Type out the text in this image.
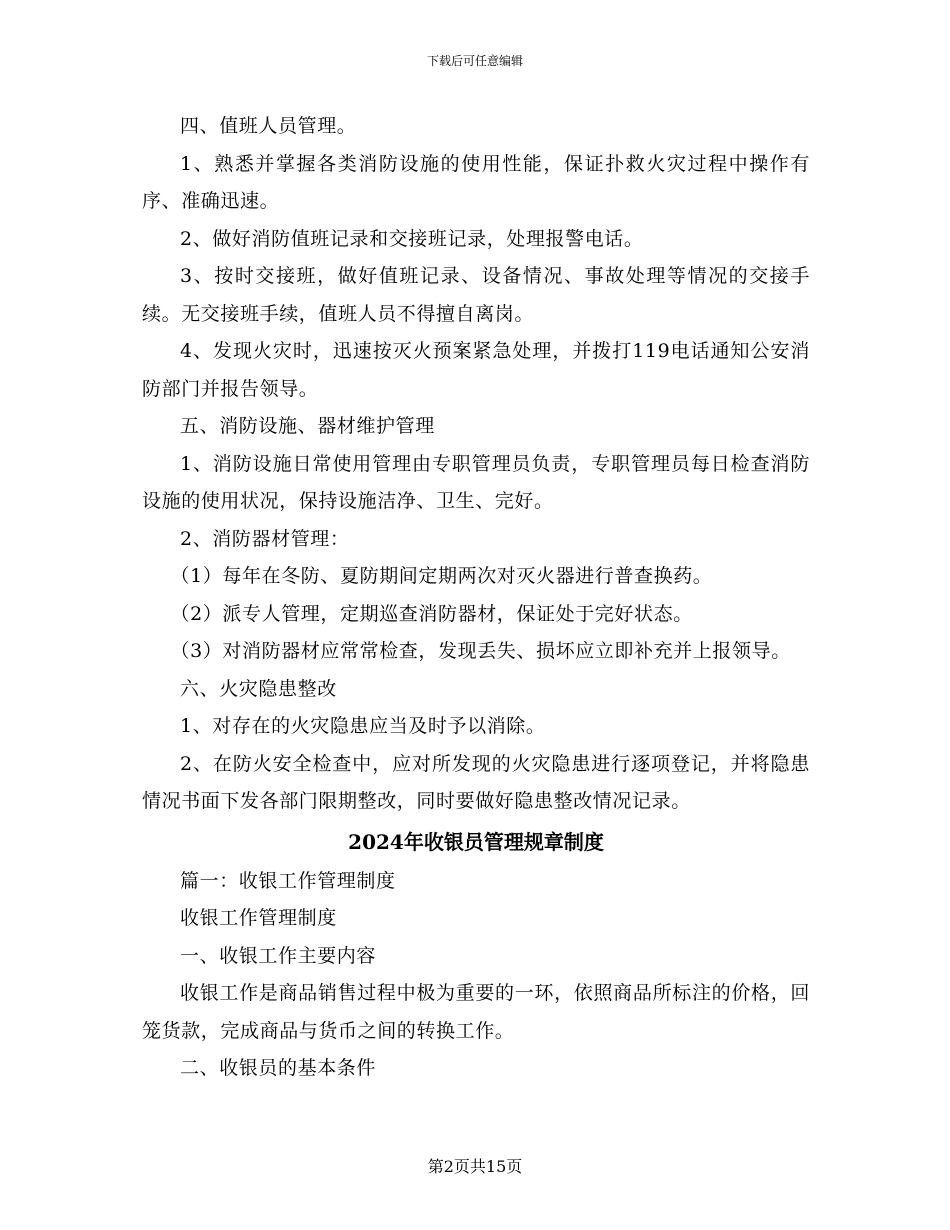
下载后可任意编辑

四、值班人员管理。

1、熟悉并掌握各类消防设施的使用性能，保证扑救火灾过程中操作有序、准确迅速。

2、做好消防值班记录和交接班记录，处理报警电话。

3、按时交接班，做好值班记录、设备情况、事故处理等情况的交接手续。无交接班手续，值班人员不得擅自离岗。

4、发现火灾时，迅速按灭火预案紧急处理，并拨打119电话通知公安消防部门并报告领导。

五、消防设施、器材维护管理

1、消防设施日常使用管理由专职管理员负责，专职管理员每日检查消防设施的使用状况，保持设施洁净、卫生、完好。

2、消防器材管理：

（1）每年在冬防、夏防期间定期两次对灭火器进行普查换药。

（2）派专人管理，定期巡查消防器材，保证处于完好状态。

（3）对消防器材应常常检查，发现丢失、损坏应立即补充并上报领导。

六、火灾隐患整改

1、对存在的火灾隐患应当及时予以消除。

2、在防火安全检查中，应对所发现的火灾隐患进行逐项登记，并将隐患情况书面下发各部门限期整改，同时要做好隐患整改情况记录。

2024年收银员管理规章制度

篇一：收银工作管理制度

收银工作管理制度

一、收银工作主要内容

收银工作是商品销售过程中极为重要的一环，依照商品所标注的价格，回笼货款，完成商品与货币之间的转换工作。

二、收银员的基本条件

第2页共15页
